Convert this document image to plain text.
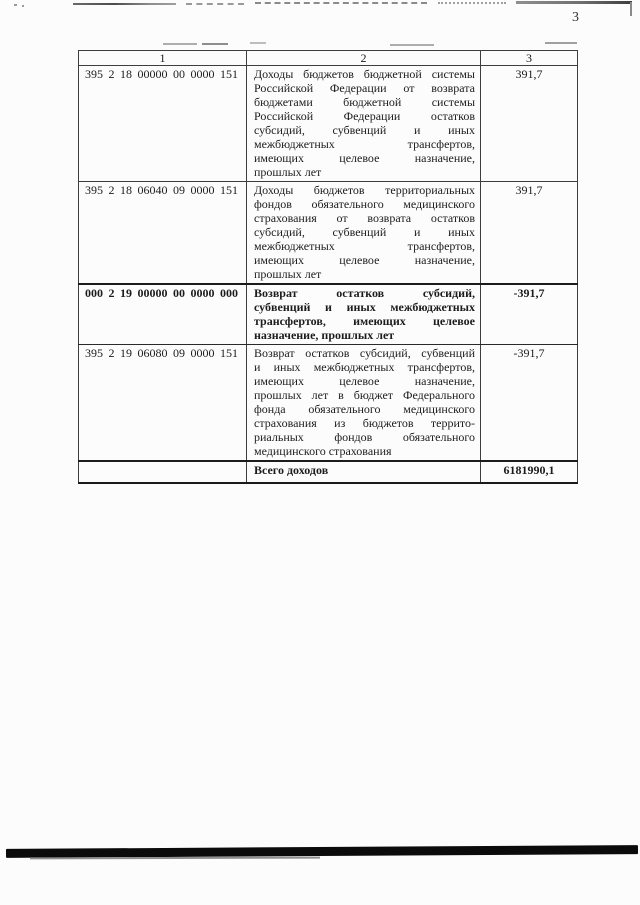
3
1	2	3
395 2 18 00000 00 0000 151	Доходы бюджетов бюджетной системы
Российской Федерации от возврата
бюджетами бюджетной системы
Российской Федерации остатков
субсидий, субвенций и иных
межбюджетных трансфертов,
имеющих целевое назначение,
прошлых лет
	391,7
395 2 18 06040 09 0000 151	Доходы бюджетов территориальных
фондов обязательного медицинского
страхования от возврата остатков
субсидий, субвенций и иных
межбюджетных трансфертов,
имеющих целевое назначение,
прошлых лет
	391,7
000 2 19 00000 00 0000 000	Возврат остатков субсидий,
субвенций и иных межбюджетных
трансфертов, имеющих целевое
назначение, прошлых лет	-391,7
395 2 19 06080 09 0000 151	Возврат остатков субсидий, субвенций
и иных межбюджетных трансфертов,
имеющих целевое назначение,
прошлых лет в бюджет Федерального
фонда обязательного медицинского
страхования из бюджетов террито-
риальных фондов обязательного
медицинского страхования
	-391,7
	Всего доходов	6181990,1
